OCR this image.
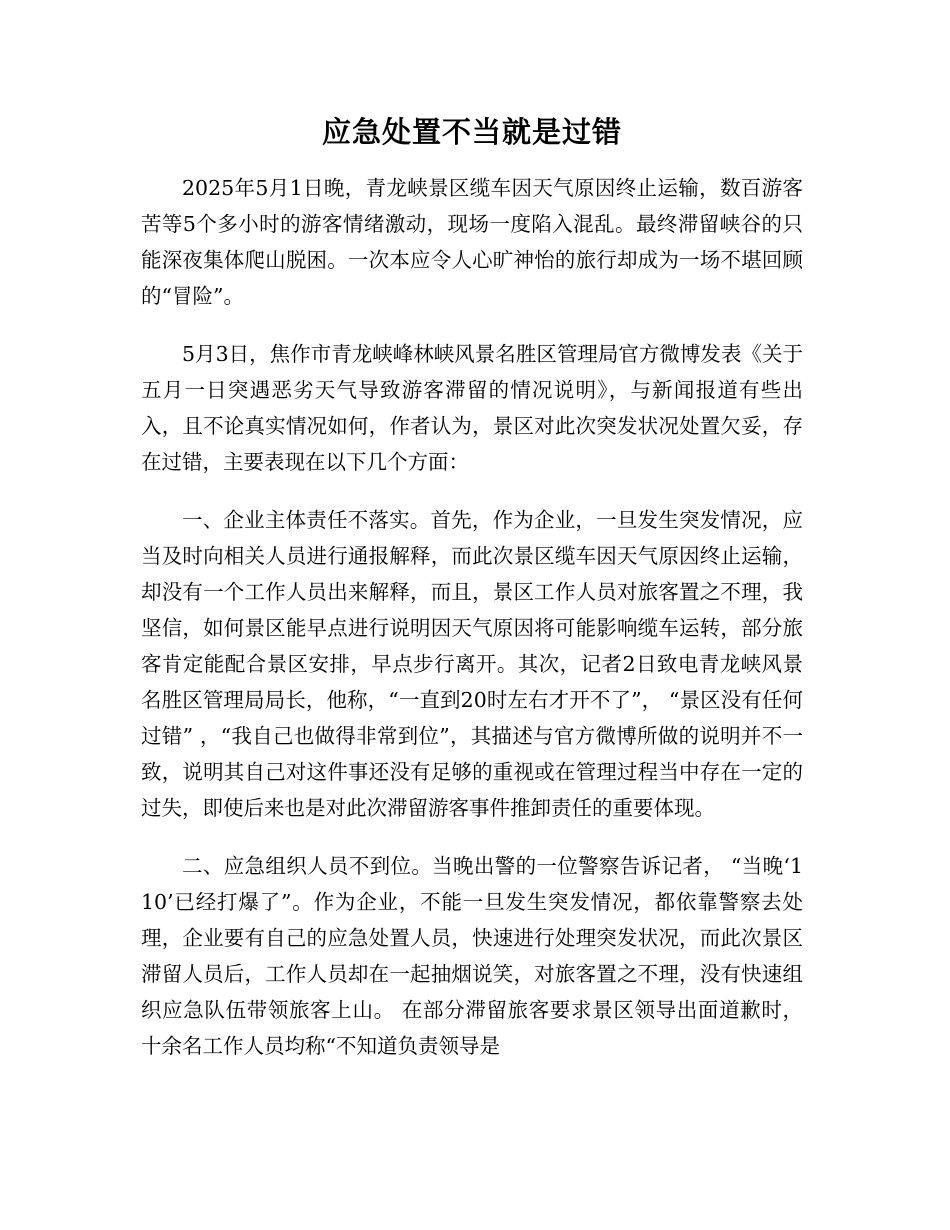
应急处置不当就是过错

2025年5月1日晚，青龙峡景区缆车因天气原因终止运输，数百游客苦等5个多小时的游客情绪激动，现场一度陷入混乱。最终滞留峡谷的只能深夜集体爬山脱困。一次本应令人心旷神怡的旅行却成为一场不堪回顾的“冒险”。

5月3日，焦作市青龙峡峰林峡风景名胜区管理局官方微博发表《关于五月一日突遇恶劣天气导致游客滞留的情况说明》，与新闻报道有些出入，且不论真实情况如何，作者认为，景区对此次突发状况处置欠妥，存在过错，主要表现在以下几个方面：

一、企业主体责任不落实。首先，作为企业，一旦发生突发情况，应当及时向相关人员进行通报解释，而此次景区缆车因天气原因终止运输，却没有一个工作人员出来解释，而且，景区工作人员对旅客置之不理，我坚信，如何景区能早点进行说明因天气原因将可能影响缆车运转，部分旅客肯定能配合景区安排，早点步行离开。其次，记者2日致电青龙峡风景名胜区管理局局长，他称，“一直到20时左右才开不了”， “景区没有任何过错” ，“我自己也做得非常到位”，其描述与官方微博所做的说明并不一致，说明其自己对这件事还没有足够的重视或在管理过程当中存在一定的过失，即使后来也是对此次滞留游客事件推卸责任的重要体现。

二、应急组织人员不到位。当晚出警的一位警察告诉记者， “当晚‘110’已经打爆了”。作为企业，不能一旦发生突发情况，都依靠警察去处理，企业要有自己的应急处置人员，快速进行处理突发状况，而此次景区滞留人员后，工作人员却在一起抽烟说笑，对旅客置之不理，没有快速组织应急队伍带领旅客上山。 在部分滞留旅客要求景区领导出面道歉时，十余名工作人员均称“不知道负责领导是
